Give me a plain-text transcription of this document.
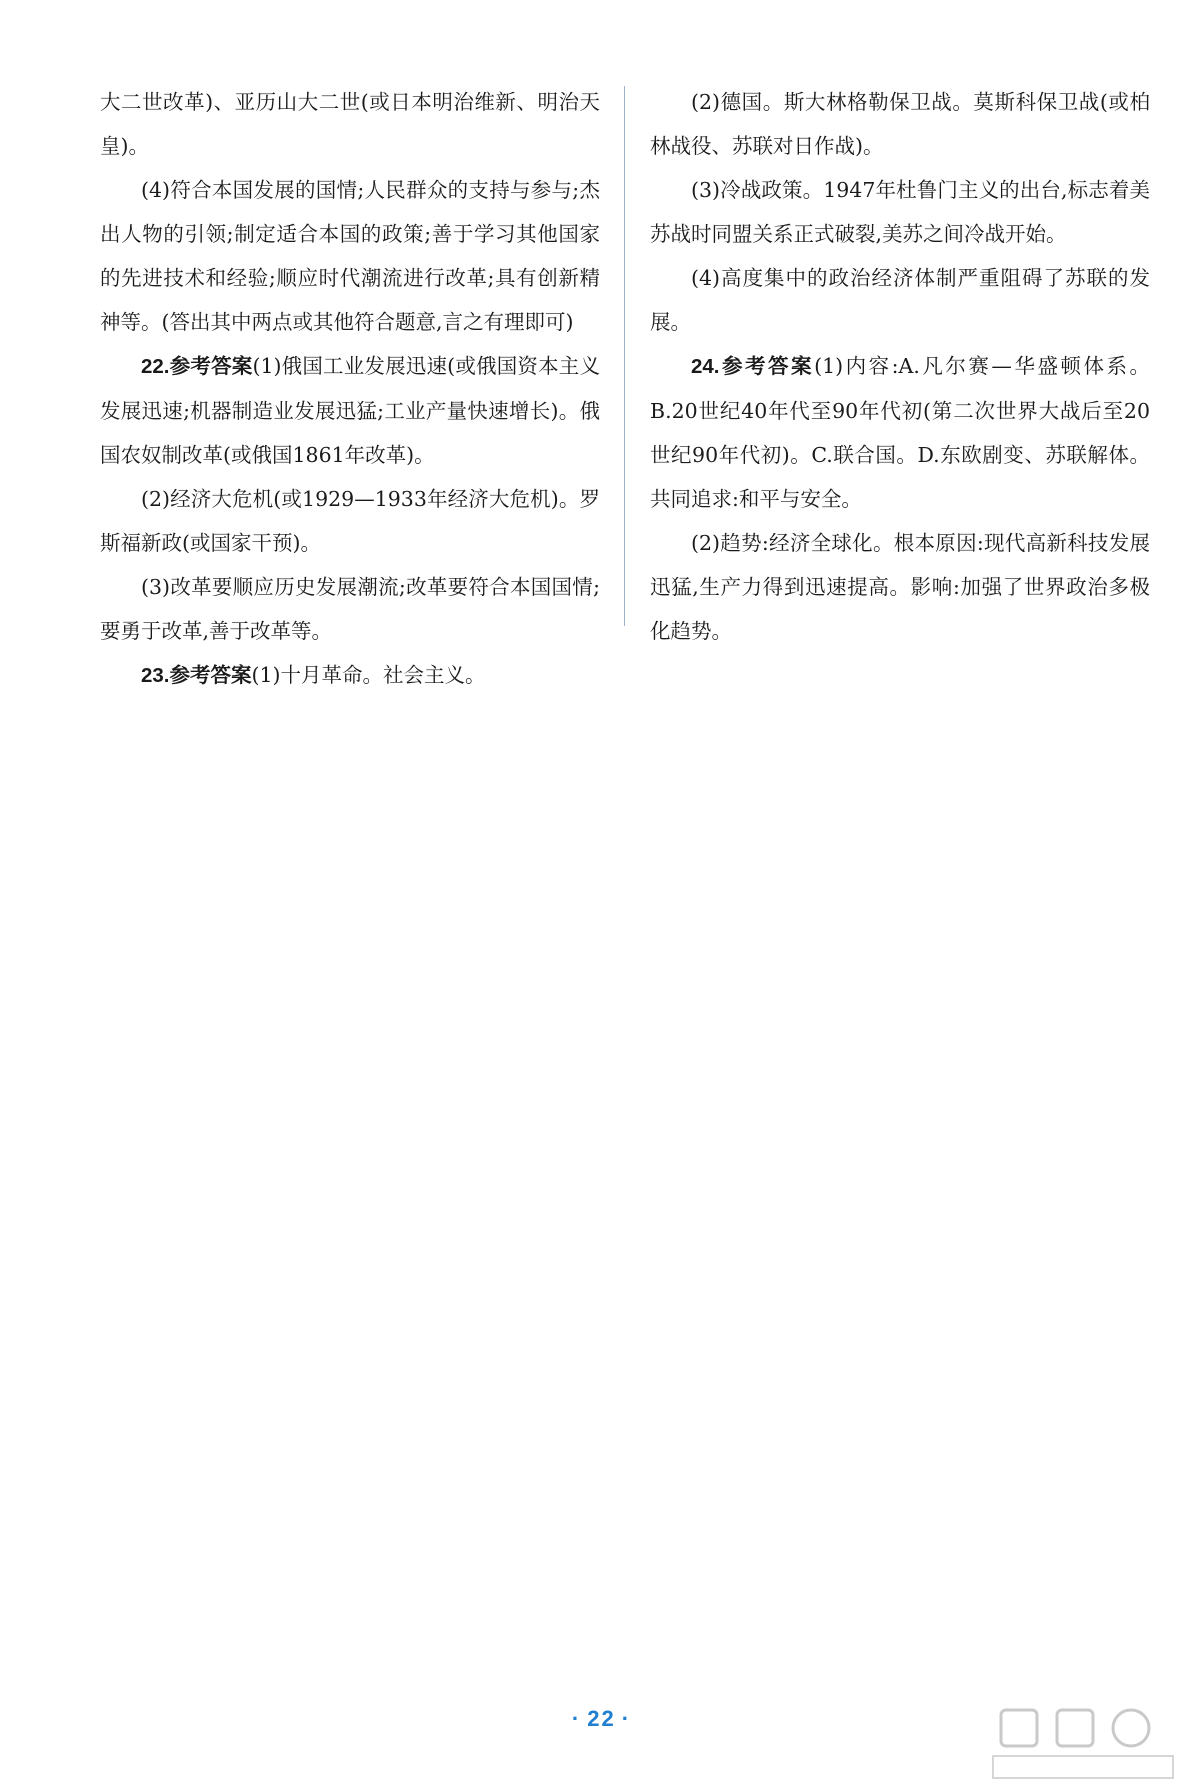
大二世改革)、亚历山大二世(或日本明治维新、明治天皇)。

(4)符合本国发展的国情;人民群众的支持与参与;杰出人物的引领;制定适合本国的政策;善于学习其他国家的先进技术和经验;顺应时代潮流进行改革;具有创新精神等。(答出其中两点或其他符合题意,言之有理即可)

22.参考答案(1)俄国工业发展迅速(或俄国资本主义发展迅速;机器制造业发展迅猛;工业产量快速增长)。俄国农奴制改革(或俄国1861年改革)。

(2)经济大危机(或1929—1933年经济大危机)。罗斯福新政(或国家干预)。

(3)改革要顺应历史发展潮流;改革要符合本国国情;要勇于改革,善于改革等。

23.参考答案(1)十月革命。社会主义。

(2)德国。斯大林格勒保卫战。莫斯科保卫战(或柏林战役、苏联对日作战)。

(3)冷战政策。1947年杜鲁门主义的出台,标志着美苏战时同盟关系正式破裂,美苏之间冷战开始。

(4)高度集中的政治经济体制严重阻碍了苏联的发展。

24.参考答案(1)内容:A.凡尔赛—华盛顿体系。B.20世纪40年代至90年代初(第二次世界大战后至20世纪90年代初)。C.联合国。D.东欧剧变、苏联解体。共同追求:和平与安全。

(2)趋势:经济全球化。根本原因:现代高新科技发展迅猛,生产力得到迅速提高。影响:加强了世界政治多极化趋势。

· 22 ·
